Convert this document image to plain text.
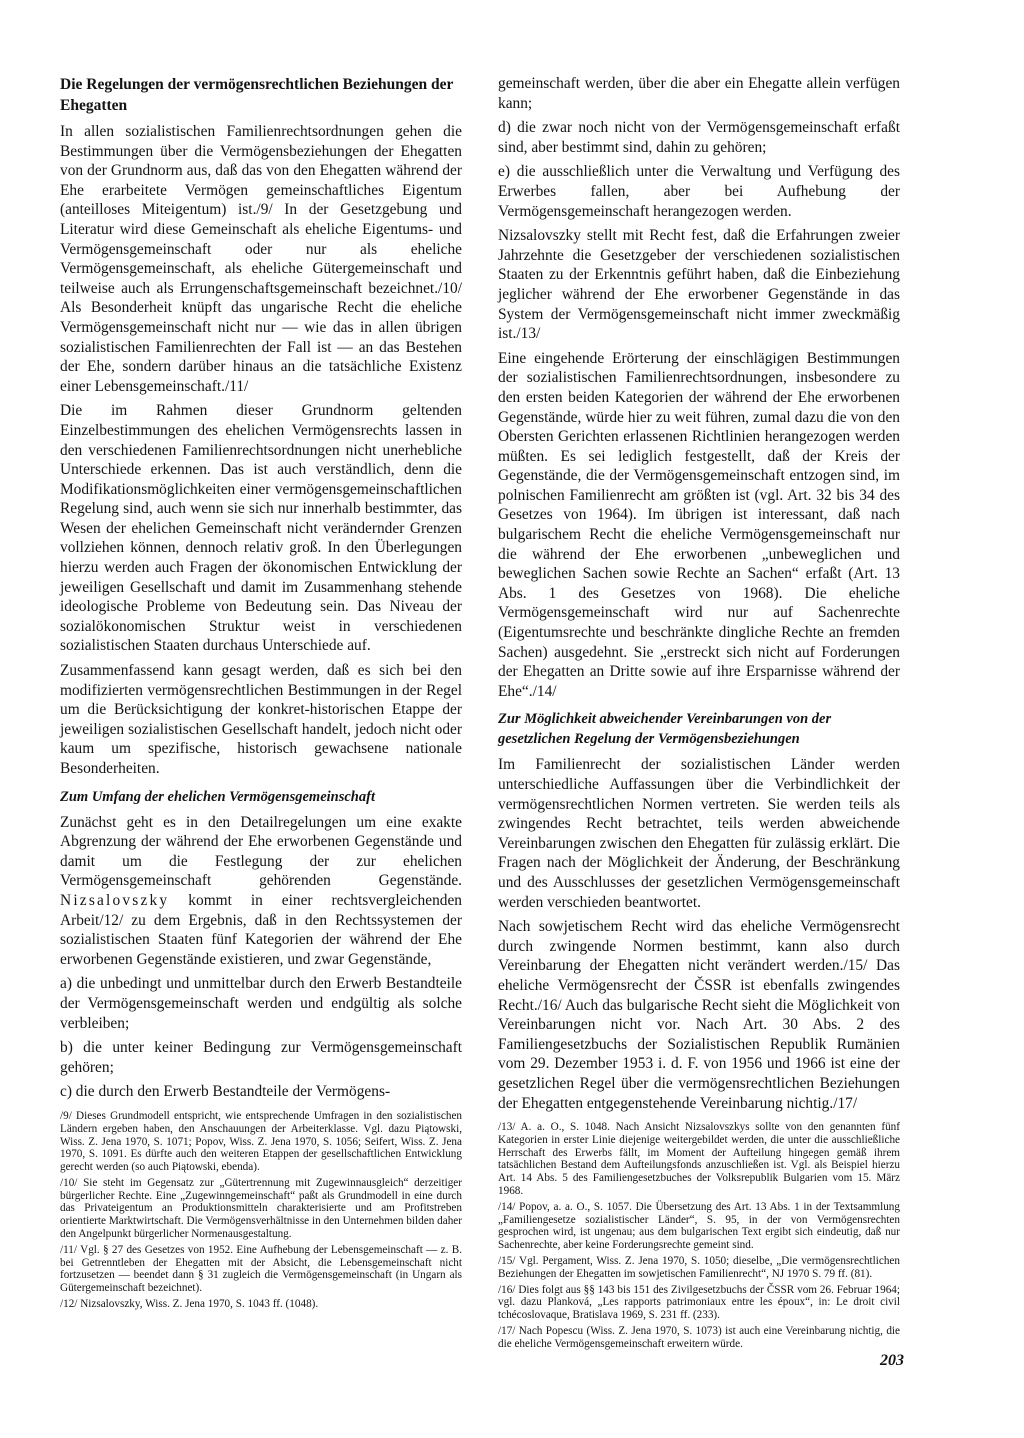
Die Regelungen der vermögensrechtlichen Beziehungen der Ehegatten

In allen sozialistischen Familienrechtsordnungen gehen die Bestimmungen über die Vermögensbeziehungen der Ehegatten von der Grundnorm aus, daß das von den Ehegatten während der Ehe erarbeitete Vermögen gemeinschaftliches Eigentum (anteilloses Miteigentum) ist./9/ In der Gesetzgebung und Literatur wird diese Gemeinschaft als eheliche Eigentums- und Vermögensgemeinschaft oder nur als eheliche Vermögensgemeinschaft, als eheliche Gütergemeinschaft und teilweise auch als Errungenschaftsgemeinschaft bezeichnet./10/ Als Besonderheit knüpft das ungarische Recht die eheliche Vermögensgemeinschaft nicht nur — wie das in allen übrigen sozialistischen Familienrechten der Fall ist — an das Bestehen der Ehe, sondern darüber hinaus an die tatsächliche Existenz einer Lebensgemeinschaft./11/

Die im Rahmen dieser Grundnorm geltenden Einzelbestimmungen des ehelichen Vermögensrechts lassen in den verschiedenen Familienrechtsordnungen nicht unerhebliche Unterschiede erkennen. Das ist auch verständlich, denn die Modifikationsmöglichkeiten einer vermögensgemeinschaftlichen Regelung sind, auch wenn sie sich nur innerhalb bestimmter, das Wesen der ehelichen Gemeinschaft nicht verändernder Grenzen vollziehen können, dennoch relativ groß. In den Überlegungen hierzu werden auch Fragen der ökonomischen Entwicklung der jeweiligen Gesellschaft und damit im Zusammenhang stehende ideologische Probleme von Bedeutung sein. Das Niveau der sozialökonomischen Struktur weist in verschiedenen sozialistischen Staaten durchaus Unterschiede auf.

Zusammenfassend kann gesagt werden, daß es sich bei den modifizierten vermögensrechtlichen Bestimmungen in der Regel um die Berücksichtigung der konkret-historischen Etappe der jeweiligen sozialistischen Gesellschaft handelt, jedoch nicht oder kaum um spezifische, historisch gewachsene nationale Besonderheiten.

Zum Umfang der ehelichen Vermögensgemeinschaft

Zunächst geht es in den Detailregelungen um eine exakte Abgrenzung der während der Ehe erworbenen Gegenstände und damit um die Festlegung der zur ehelichen Vermögensgemeinschaft gehörenden Gegenstände. Nizsalovszky kommt in einer rechtsvergleichenden Arbeit/12/ zu dem Ergebnis, daß in den Rechtssystemen der sozialistischen Staaten fünf Kategorien der während der Ehe erworbenen Gegenstände existieren, und zwar Gegenstände,

a) die unbedingt und unmittelbar durch den Erwerb Bestandteile der Vermögensgemeinschaft werden und endgültig als solche verbleiben;

b) die unter keiner Bedingung zur Vermögensgemeinschaft gehören;

c) die durch den Erwerb Bestandteile der Vermögens-

/9/ Dieses Grundmodell entspricht, wie entsprechende Umfragen in den sozialistischen Ländern ergeben haben, den Anschauungen der Arbeiterklasse. Vgl. dazu Piątowski, Wiss. Z. Jena 1970, S. 1071; Popov, Wiss. Z. Jena 1970, S. 1056; Seifert, Wiss. Z. Jena 1970, S. 1091. Es dürfte auch den weiteren Etappen der gesellschaftlichen Entwicklung gerecht werden (so auch Piątowski, ebenda).
/10/ Sie steht im Gegensatz zur „Gütertrennung mit Zugewinnausgleich“ derzeitiger bürgerlicher Rechte. Eine „Zugewinngemeinschaft“ paßt als Grundmodell in eine durch das Privateigentum an Produktionsmitteln charakterisierte und am Profitstreben orientierte Marktwirtschaft. Die Vermögensverhältnisse in den Unternehmen bilden daher den Angelpunkt bürgerlicher Normenausgestaltung.
/11/ Vgl. § 27 des Gesetzes von 1952. Eine Aufhebung der Lebensgemeinschaft — z. B. bei Getrenntleben der Ehegatten mit der Absicht, die Lebensgemeinschaft nicht fortzusetzen — beendet dann § 31 zugleich die Vermögensgemeinschaft (in Ungarn als Gütergemeinschaft bezeichnet).
/12/ Nizsalovszky, Wiss. Z. Jena 1970, S. 1043 ff. (1048).

gemeinschaft werden, über die aber ein Ehegatte allein verfügen kann;

d) die zwar noch nicht von der Vermögensgemeinschaft erfaßt sind, aber bestimmt sind, dahin zu gehören;

e) die ausschließlich unter die Verwaltung und Verfügung des Erwerbes fallen, aber bei Aufhebung der Vermögensgemeinschaft herangezogen werden.

Nizsalovszky stellt mit Recht fest, daß die Erfahrungen zweier Jahrzehnte die Gesetzgeber der verschiedenen sozialistischen Staaten zu der Erkenntnis geführt haben, daß die Einbeziehung jeglicher während der Ehe erworbener Gegenstände in das System der Vermögensgemeinschaft nicht immer zweckmäßig ist./13/

Eine eingehende Erörterung der einschlägigen Bestimmungen der sozialistischen Familienrechtsordnungen, insbesondere zu den ersten beiden Kategorien der während der Ehe erworbenen Gegenstände, würde hier zu weit führen, zumal dazu die von den Obersten Gerichten erlassenen Richtlinien herangezogen werden müßten. Es sei lediglich festgestellt, daß der Kreis der Gegenstände, die der Vermögensgemeinschaft entzogen sind, im polnischen Familienrecht am größten ist (vgl. Art. 32 bis 34 des Gesetzes von 1964). Im übrigen ist interessant, daß nach bulgarischem Recht die eheliche Vermögensgemeinschaft nur die während der Ehe erworbenen „unbeweglichen und beweglichen Sachen sowie Rechte an Sachen“ erfaßt (Art. 13 Abs. 1 des Gesetzes von 1968). Die eheliche Vermögensgemeinschaft wird nur auf Sachenrechte (Eigentumsrechte und beschränkte dingliche Rechte an fremden Sachen) ausgedehnt. Sie „erstreckt sich nicht auf Forderungen der Ehegatten an Dritte sowie auf ihre Ersparnisse während der Ehe“./14/

Zur Möglichkeit abweichender Vereinbarungen von der gesetzlichen Regelung der Vermögensbeziehungen

Im Familienrecht der sozialistischen Länder werden unterschiedliche Auffassungen über die Verbindlichkeit der vermögensrechtlichen Normen vertreten. Sie werden teils als zwingendes Recht betrachtet, teils werden abweichende Vereinbarungen zwischen den Ehegatten für zulässig erklärt. Die Fragen nach der Möglichkeit der Änderung, der Beschränkung und des Ausschlusses der gesetzlichen Vermögensgemeinschaft werden verschieden beantwortet.

Nach sowjetischem Recht wird das eheliche Vermögensrecht durch zwingende Normen bestimmt, kann also durch Vereinbarung der Ehegatten nicht verändert werden./15/ Das eheliche Vermögensrecht der ČSSR ist ebenfalls zwingendes Recht./16/ Auch das bulgarische Recht sieht die Möglichkeit von Vereinbarungen nicht vor. Nach Art. 30 Abs. 2 des Familiengesetzbuchs der Sozialistischen Republik Rumänien vom 29. Dezember 1953 i. d. F. von 1956 und 1966 ist eine der gesetzlichen Regel über die vermögensrechtlichen Beziehungen der Ehegatten entgegenstehende Vereinbarung nichtig./17/

/13/ A. a. O., S. 1048. Nach Ansicht Nizsalovszkys sollte von den genannten fünf Kategorien in erster Linie diejenige weitergebildet werden, die unter die ausschließliche Herrschaft des Erwerbs fällt, im Moment der Aufteilung hingegen gemäß ihrem tatsächlichen Bestand dem Aufteilungsfonds anzuschließen ist. Vgl. als Beispiel hierzu Art. 14 Abs. 5 des Familiengesetzbuches der Volksrepublik Bulgarien vom 15. März 1968.
/14/ Popov, a. a. O., S. 1057. Die Übersetzung des Art. 13 Abs. 1 in der Textsammlung „Familiengesetze sozialistischer Länder“, S. 95, in der von Vermögensrechten gesprochen wird, ist ungenau; aus dem bulgarischen Text ergibt sich eindeutig, daß nur Sachenrechte, aber keine Forderungsrechte gemeint sind.
/15/ Vgl. Pergament, Wiss. Z. Jena 1970, S. 1050; dieselbe, „Die vermögensrechtlichen Beziehungen der Ehegatten im sowjetischen Familienrecht“, NJ 1970 S. 79 ff. (81).
/16/ Dies folgt aus §§ 143 bis 151 des Zivilgesetzbuchs der ČSSR vom 26. Februar 1964; vgl. dazu Planková, „Les rapports patrimoniaux entre les époux“, in: Le droit civil tchécoslovaque, Bratislava 1969, S. 231 ff. (233).
/17/ Nach Popescu (Wiss. Z. Jena 1970, S. 1073) ist auch eine Vereinbarung nichtig, die die eheliche Vermögensgemeinschaft erweitern würde.
203
